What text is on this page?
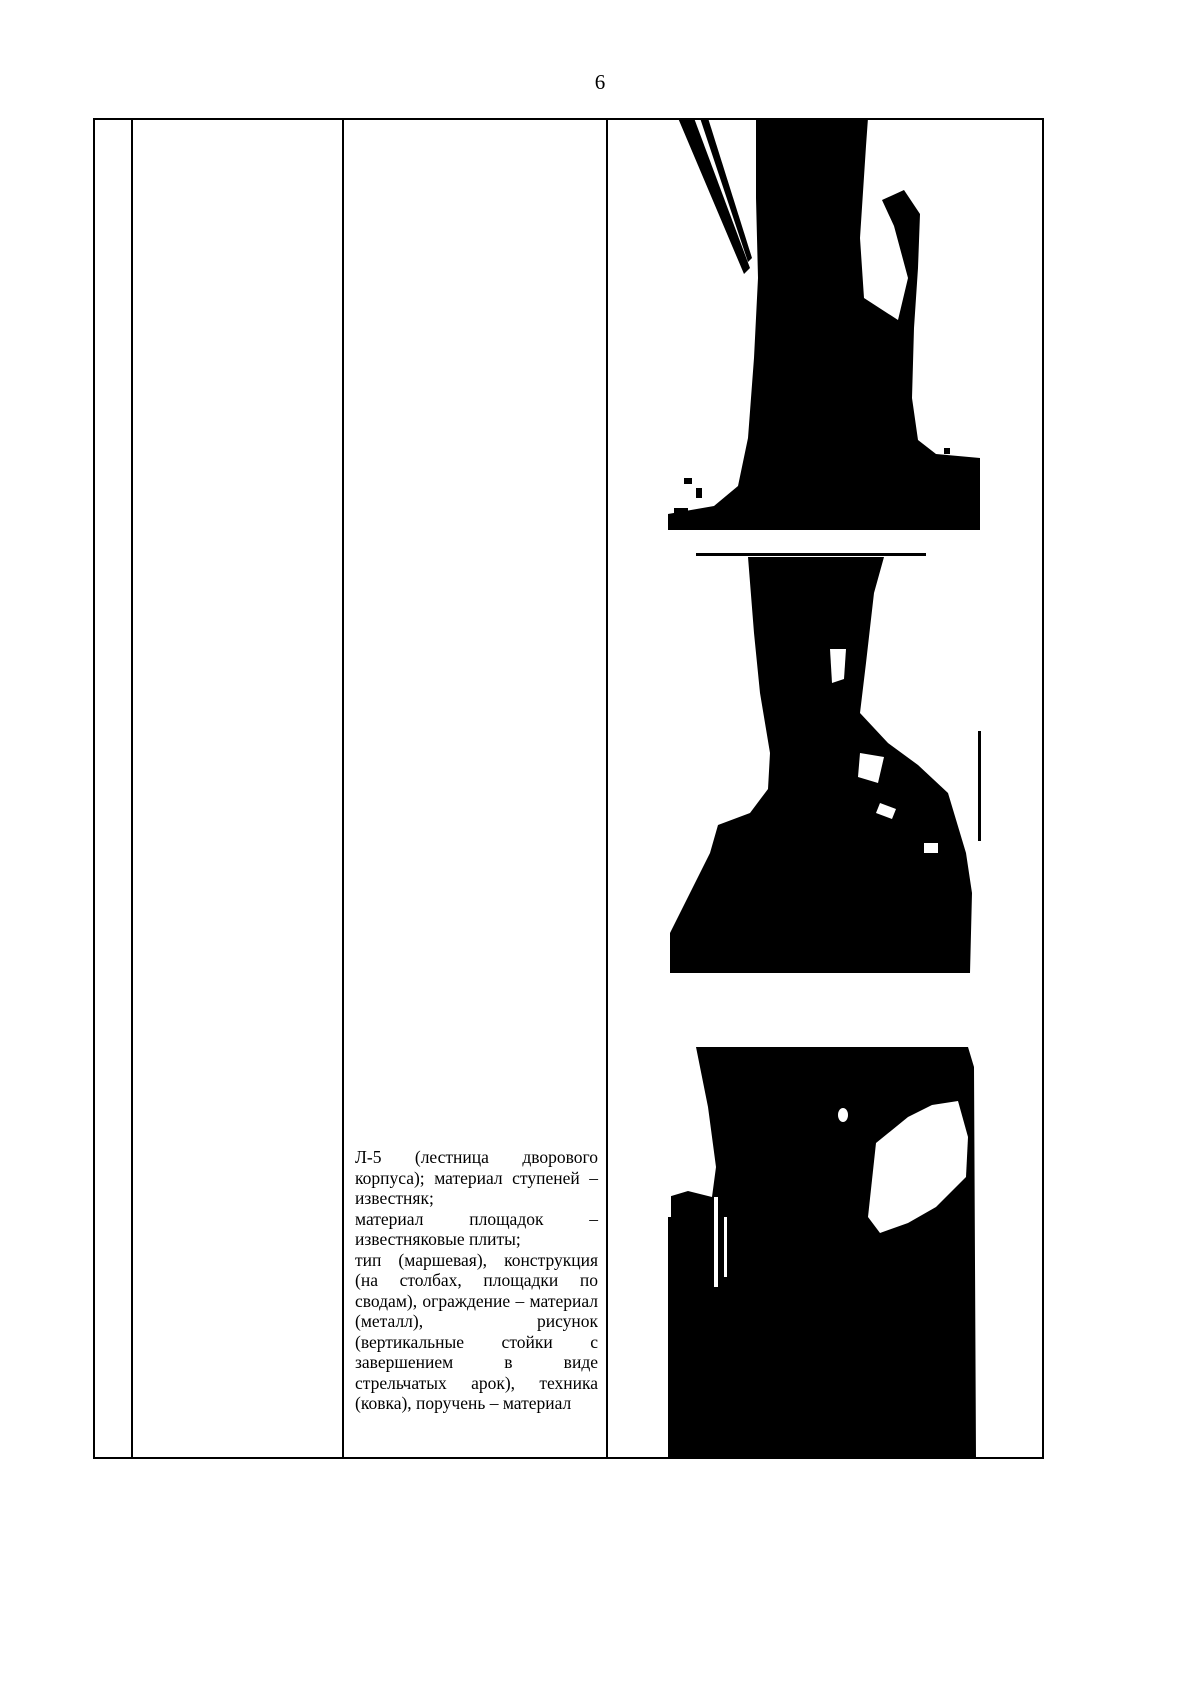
6
Л-5 (лестница дворового корпуса); материал ступеней – известняк;
материал площадок – известняковые плиты;
тип (маршевая), конструкция (на столбах, площадки по сводам), ограждение – материал (металл), рисунок (вертикальные стойки с завершением в виде стрельчатых арок), техника (ковка), поручень – материал
